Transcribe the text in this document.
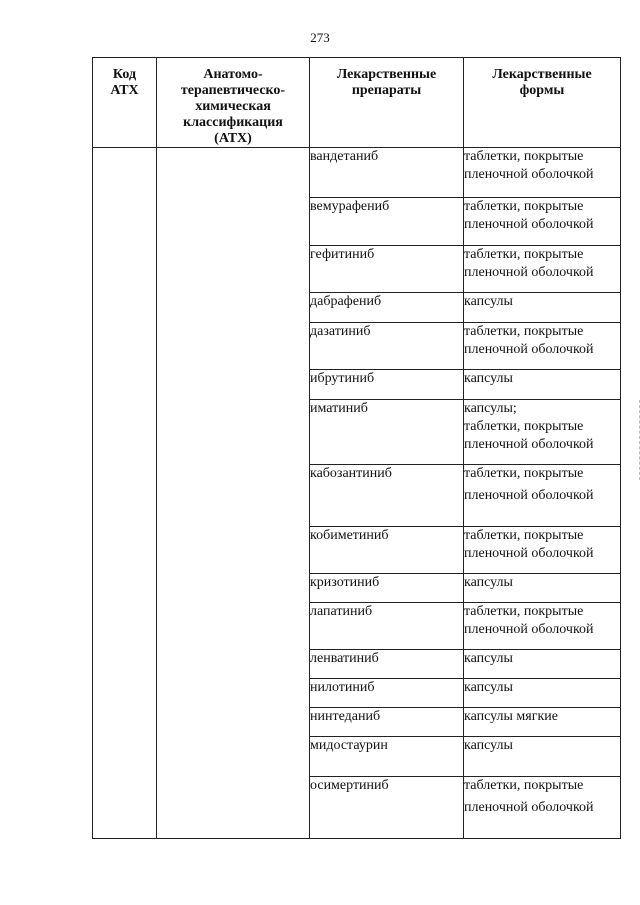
273
Код АТХ	Анатомо-терапевтическо-химическая классификация (АТХ)	Лекарственные препараты	Лекарственные формы
		вандетаниб	таблетки, покрытые
пленочной оболочкой

		вемурафениб	таблетки, покрытые
пленочной оболочкой

		гефитиниб	таблетки, покрытые
пленочной оболочкой

		дабрафениб	капсулы

		дазатиниб	таблетки, покрытые
пленочной оболочкой

		ибрутиниб	капсулы

		иматиниб	капсулы;
таблетки, покрытые
пленочной оболочкой

		кабозантиниб	таблетки, покрытые
пленочной оболочкой

		кобиметиниб	таблетки, покрытые
пленочной оболочкой

		кризотиниб	капсулы

		лапатиниб	таблетки, покрытые
пленочной оболочкой

		ленватиниб	капсулы

		нилотиниб	капсулы

		нинтеданиб	капсулы мягкие

		мидостаурин	капсулы

		осимертиниб	таблетки, покрытые
пленочной оболочкой
